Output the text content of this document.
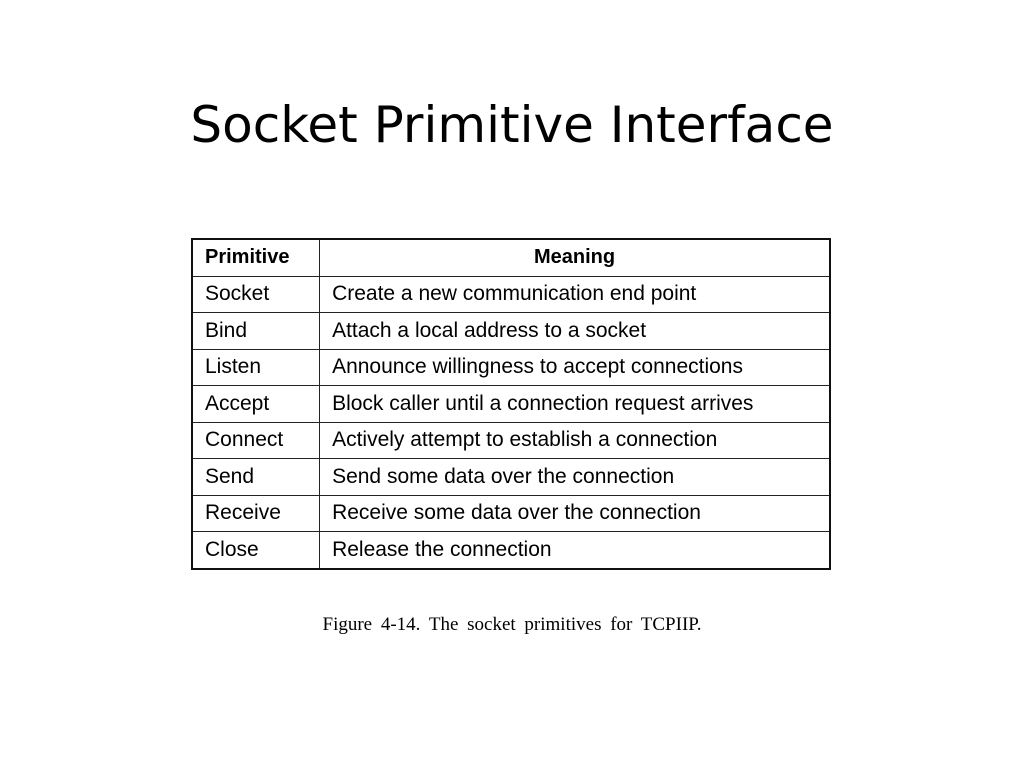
Socket Primitive Interface
Primitive	Meaning
Socket	Create a new communication end point
Bind	Attach a local address to a socket
Listen	Announce willingness to accept connections
Accept	Block caller until a connection request arrives
Connect	Actively attempt to establish a connection
Send	Send some data over the connection
Receive	Receive some data over the connection
Close	Release the connection
Figure 4-14. The socket primitives for TCPIIP.
